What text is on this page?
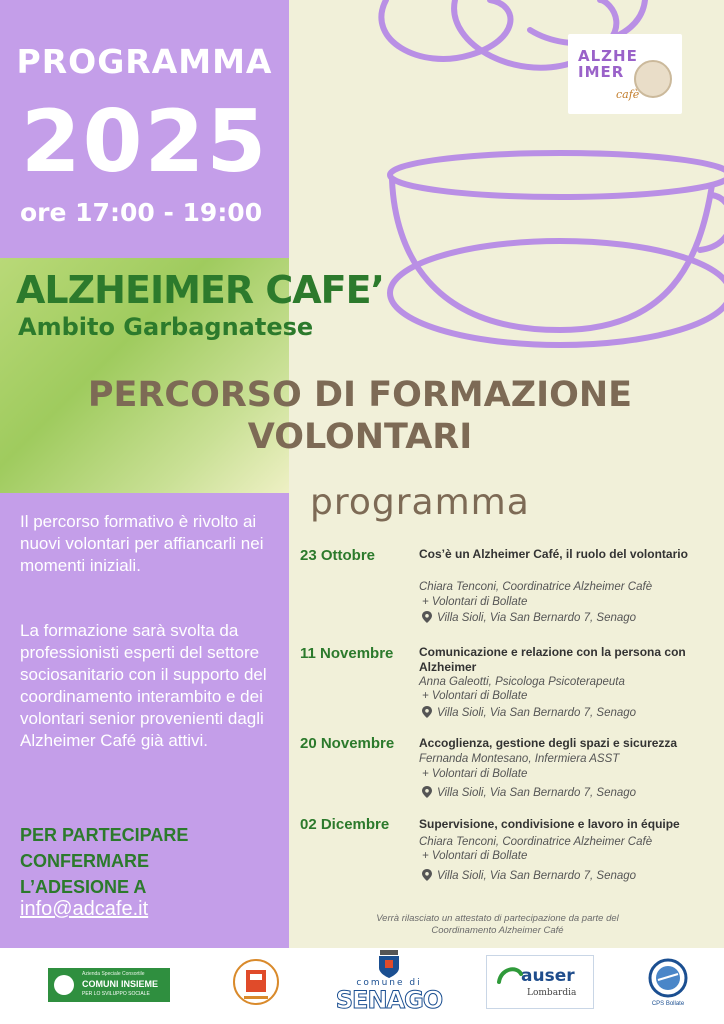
PROGRAMMA
2025
ore 17:00 - 19:00
ALZHE
IMER
cafè
ALZHEIMER CAFE’
Ambito Garbagnatese
PERCORSO DI FORMAZIONE
VOLONTARI
Il percorso formativo è rivolto ai nuovi volontari per affiancarli nei momenti iniziali.
La formazione sarà svolta da professionisti esperti del settore sociosanitario con il supporto del coordinamento interambito e dei volontari senior provenienti dagli Alzheimer Café già attivi.
PER PARTECIPARE
CONFERMARE
L’ADESIONE A
info@adcafe.it
programma
23 Ottobre	Cos’è un Alzheimer Café, il ruolo del volontario
Chiara Tenconi, Coordinatrice Alzheimer Cafè
+ Volontari di Bollate
Villa Sioli, Via San Bernardo 7, Senago
11 Novembre Comunicazione e relazione con la persona con Alzheimer
Anna Galeotti, Psicologa Psicoterapeuta
+ Volontari di Bollate
Villa Sioli, Via San Bernardo 7, Senago
20 Novembre Accoglienza, gestione degli spazi e sicurezza
Fernanda Montesano, Infermiera ASST
+ Volontari di Bollate
Villa Sioli, Via San Bernardo 7, Senago
02 Dicembre Supervisione, condivisione e lavoro in équipe
Chiara Tenconi, Coordinatrice Alzheimer Cafè
+ Volontari di Bollate
Villa Sioli, Via San Bernardo 7, Senago
Verrà rilasciato un attestato di partecipazione da parte del
Coordinamento Alzheimer Café
Azienda Speciale Consortile
COMUNI INSIEME
PER LO SVILUPPO SOCIALE
comune di
SENAGO
auser
Lombardia
CPS Bollate
